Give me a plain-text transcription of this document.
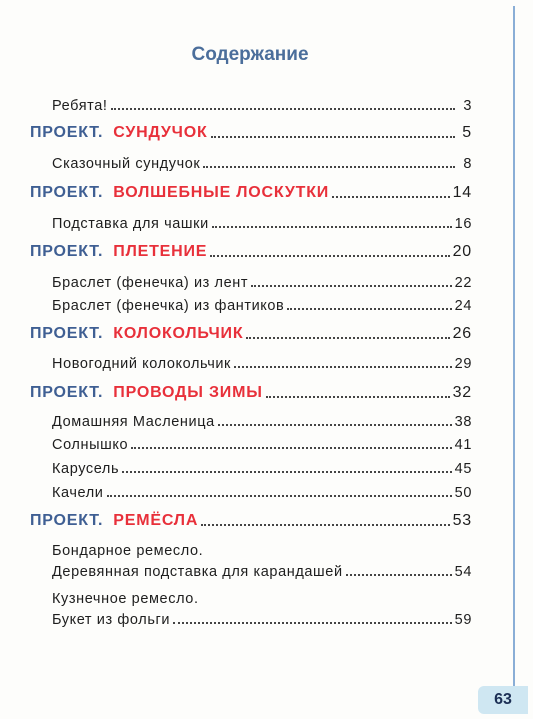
Содержание
Ребята!	3
ПРОЕКТ. СУНДУЧОК	5
Сказочный сундучок	8
ПРОЕКТ. ВОЛШЕБНЫЕ ЛОСКУТКИ	14
Подставка для чашки	16
ПРОЕКТ. ПЛЕТЕНИЕ	20
Браслет (фенечка) из лент	22
Браслет (фенечка) из фантиков	24
ПРОЕКТ. КОЛОКОЛЬЧИК	26
Новогодний колокольчик	29
ПРОЕКТ. ПРОВОДЫ ЗИМЫ	32
Домашняя Масленица	38
Солнышко	41
Карусель	45
Качели	50
ПРОЕКТ. РЕМЁСЛА	53
Бондарное ремесло.
Деревянная подставка для карандашей	54
Кузнечное ремесло.
Букет из фольги	59
63
